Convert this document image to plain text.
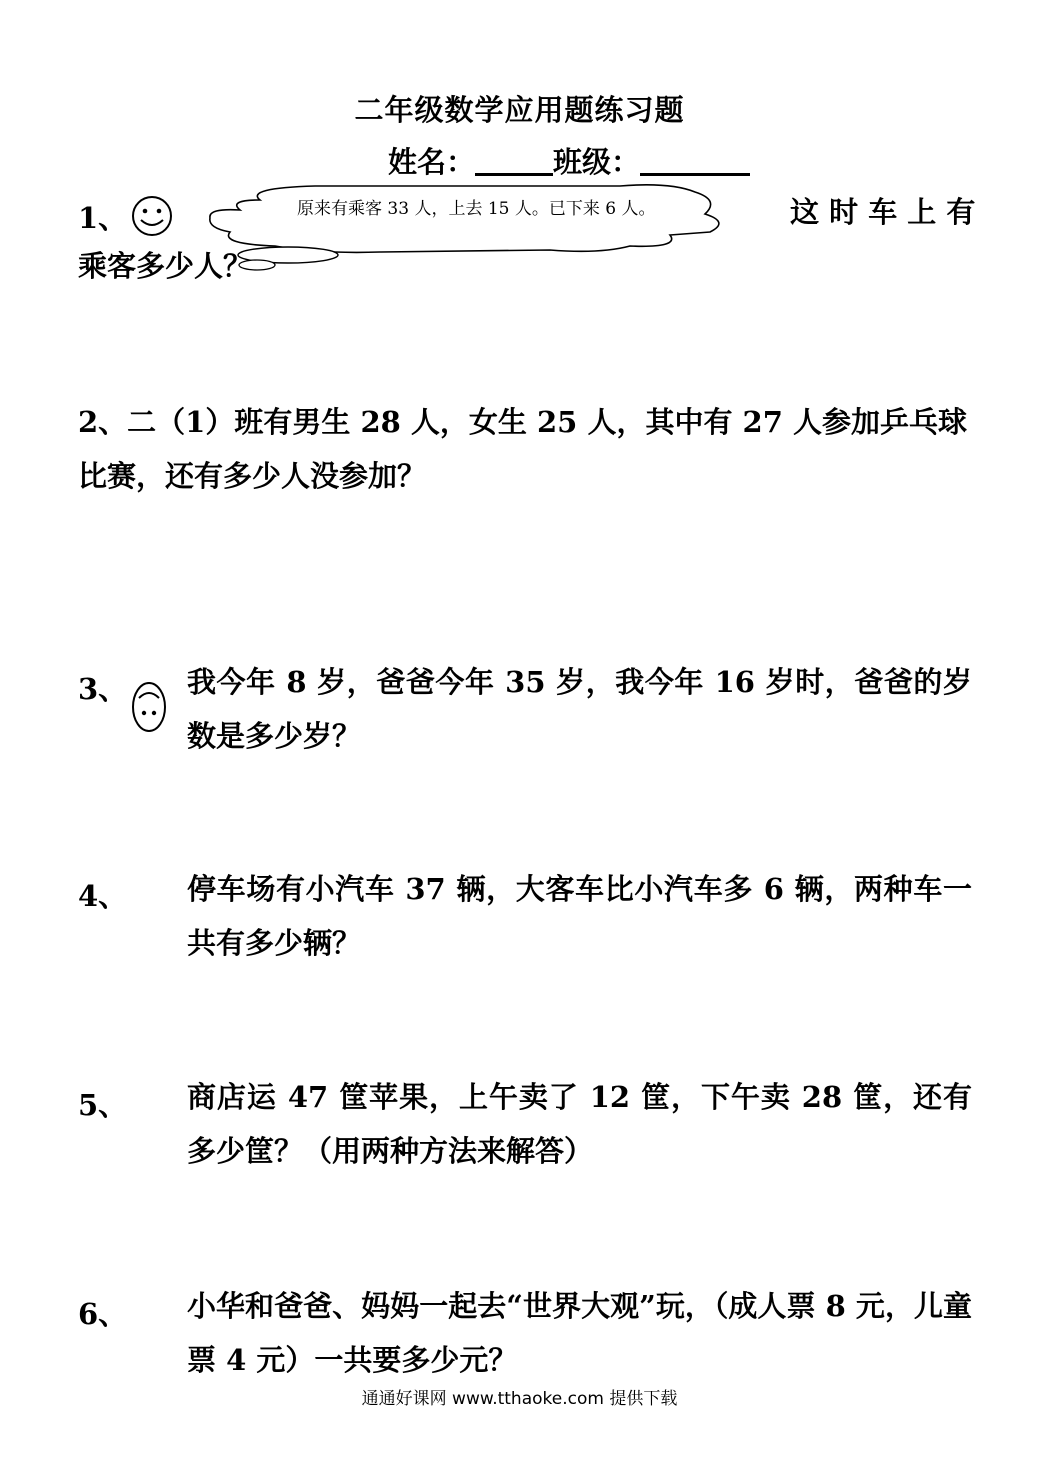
二年级数学应用题练习题
姓名：	班级：
1、	原来有乘客 33 人，上去 15 人。已下来 6 人。	这 时 车 上 有
乘客多少人？
2、二（1）班有男生 28 人，女生 25 人，其中有 27 人参加乒乓球
比赛，还有多少人没参加？
3、 我今年 8 岁，爸爸今年 35 岁，我今年 16 岁时，爸爸的岁数是多少岁？
4、 停车场有小汽车 37 辆，大客车比小汽车多 6 辆，两种车一共有多少辆？
5、 商店运 47 筐苹果，上午卖了 12 筐，下午卖 28 筐，还有多少筐？（用两种方法来解答）
6、 小华和爸爸、妈妈一起去“世界大观”玩，（成人票 8 元，儿童票 4 元）一共要多少元？
通通好课网 www.tthaoke.com 提供下载
